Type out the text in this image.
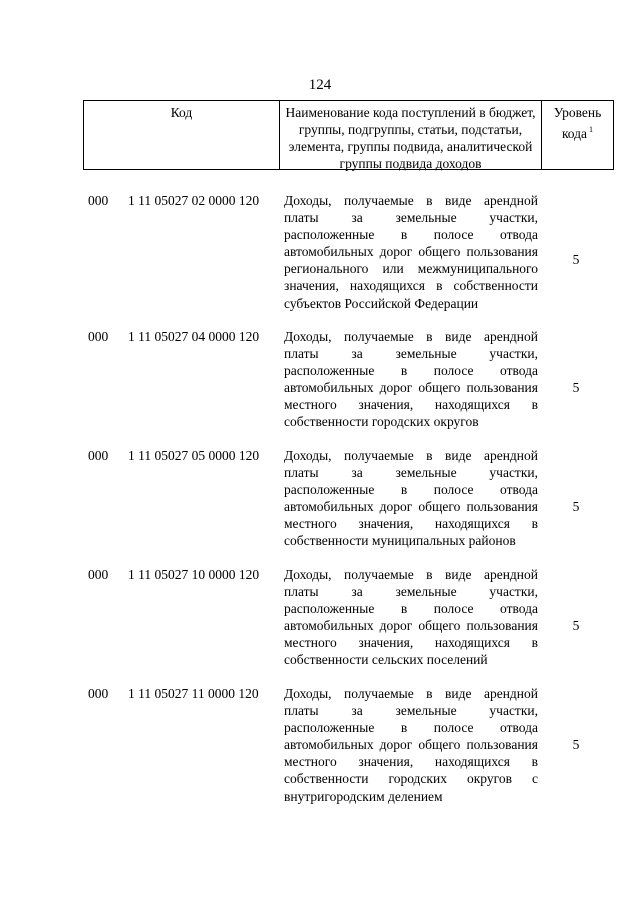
124
Код	Наименование кода поступлений в бюджет, группы, подгруппы, статьи, подстатьи, элемента, группы подвида, аналитической группы подвида доходов
Уровень кода $^1$
000 1 11 05027 02 0000 120 Доходы, получаемые в виде арендной платы за земельные участки, расположенные в полосе отвода автомобильных дорог общего пользования регионального или межмуниципального значения, находящихся в собственности субъектов Российской Федерации
5
000 1 11 05027 04 0000 120 Доходы, получаемые в виде арендной платы за земельные участки, расположенные в полосе отвода автомобильных дорог общего пользования местного значения, находящихся в собственности городских округов
5
000 1 11 05027 05 0000 120 Доходы, получаемые в виде арендной платы за земельные участки, расположенные в полосе отвода автомобильных дорог общего пользования местного значения, находящихся в собственности муниципальных районов
5
000 1 11 05027 10 0000 120 Доходы, получаемые в виде арендной платы за земельные участки, расположенные в полосе отвода автомобильных дорог общего пользования местного значения, находящихся в собственности сельских поселений
5
000 1 11 05027 11 0000 120 Доходы, получаемые в виде арендной платы за земельные участки, расположенные в полосе отвода автомобильных дорог общего пользования местного значения, находящихся в собственности городских округов с внутригородским делением
5
